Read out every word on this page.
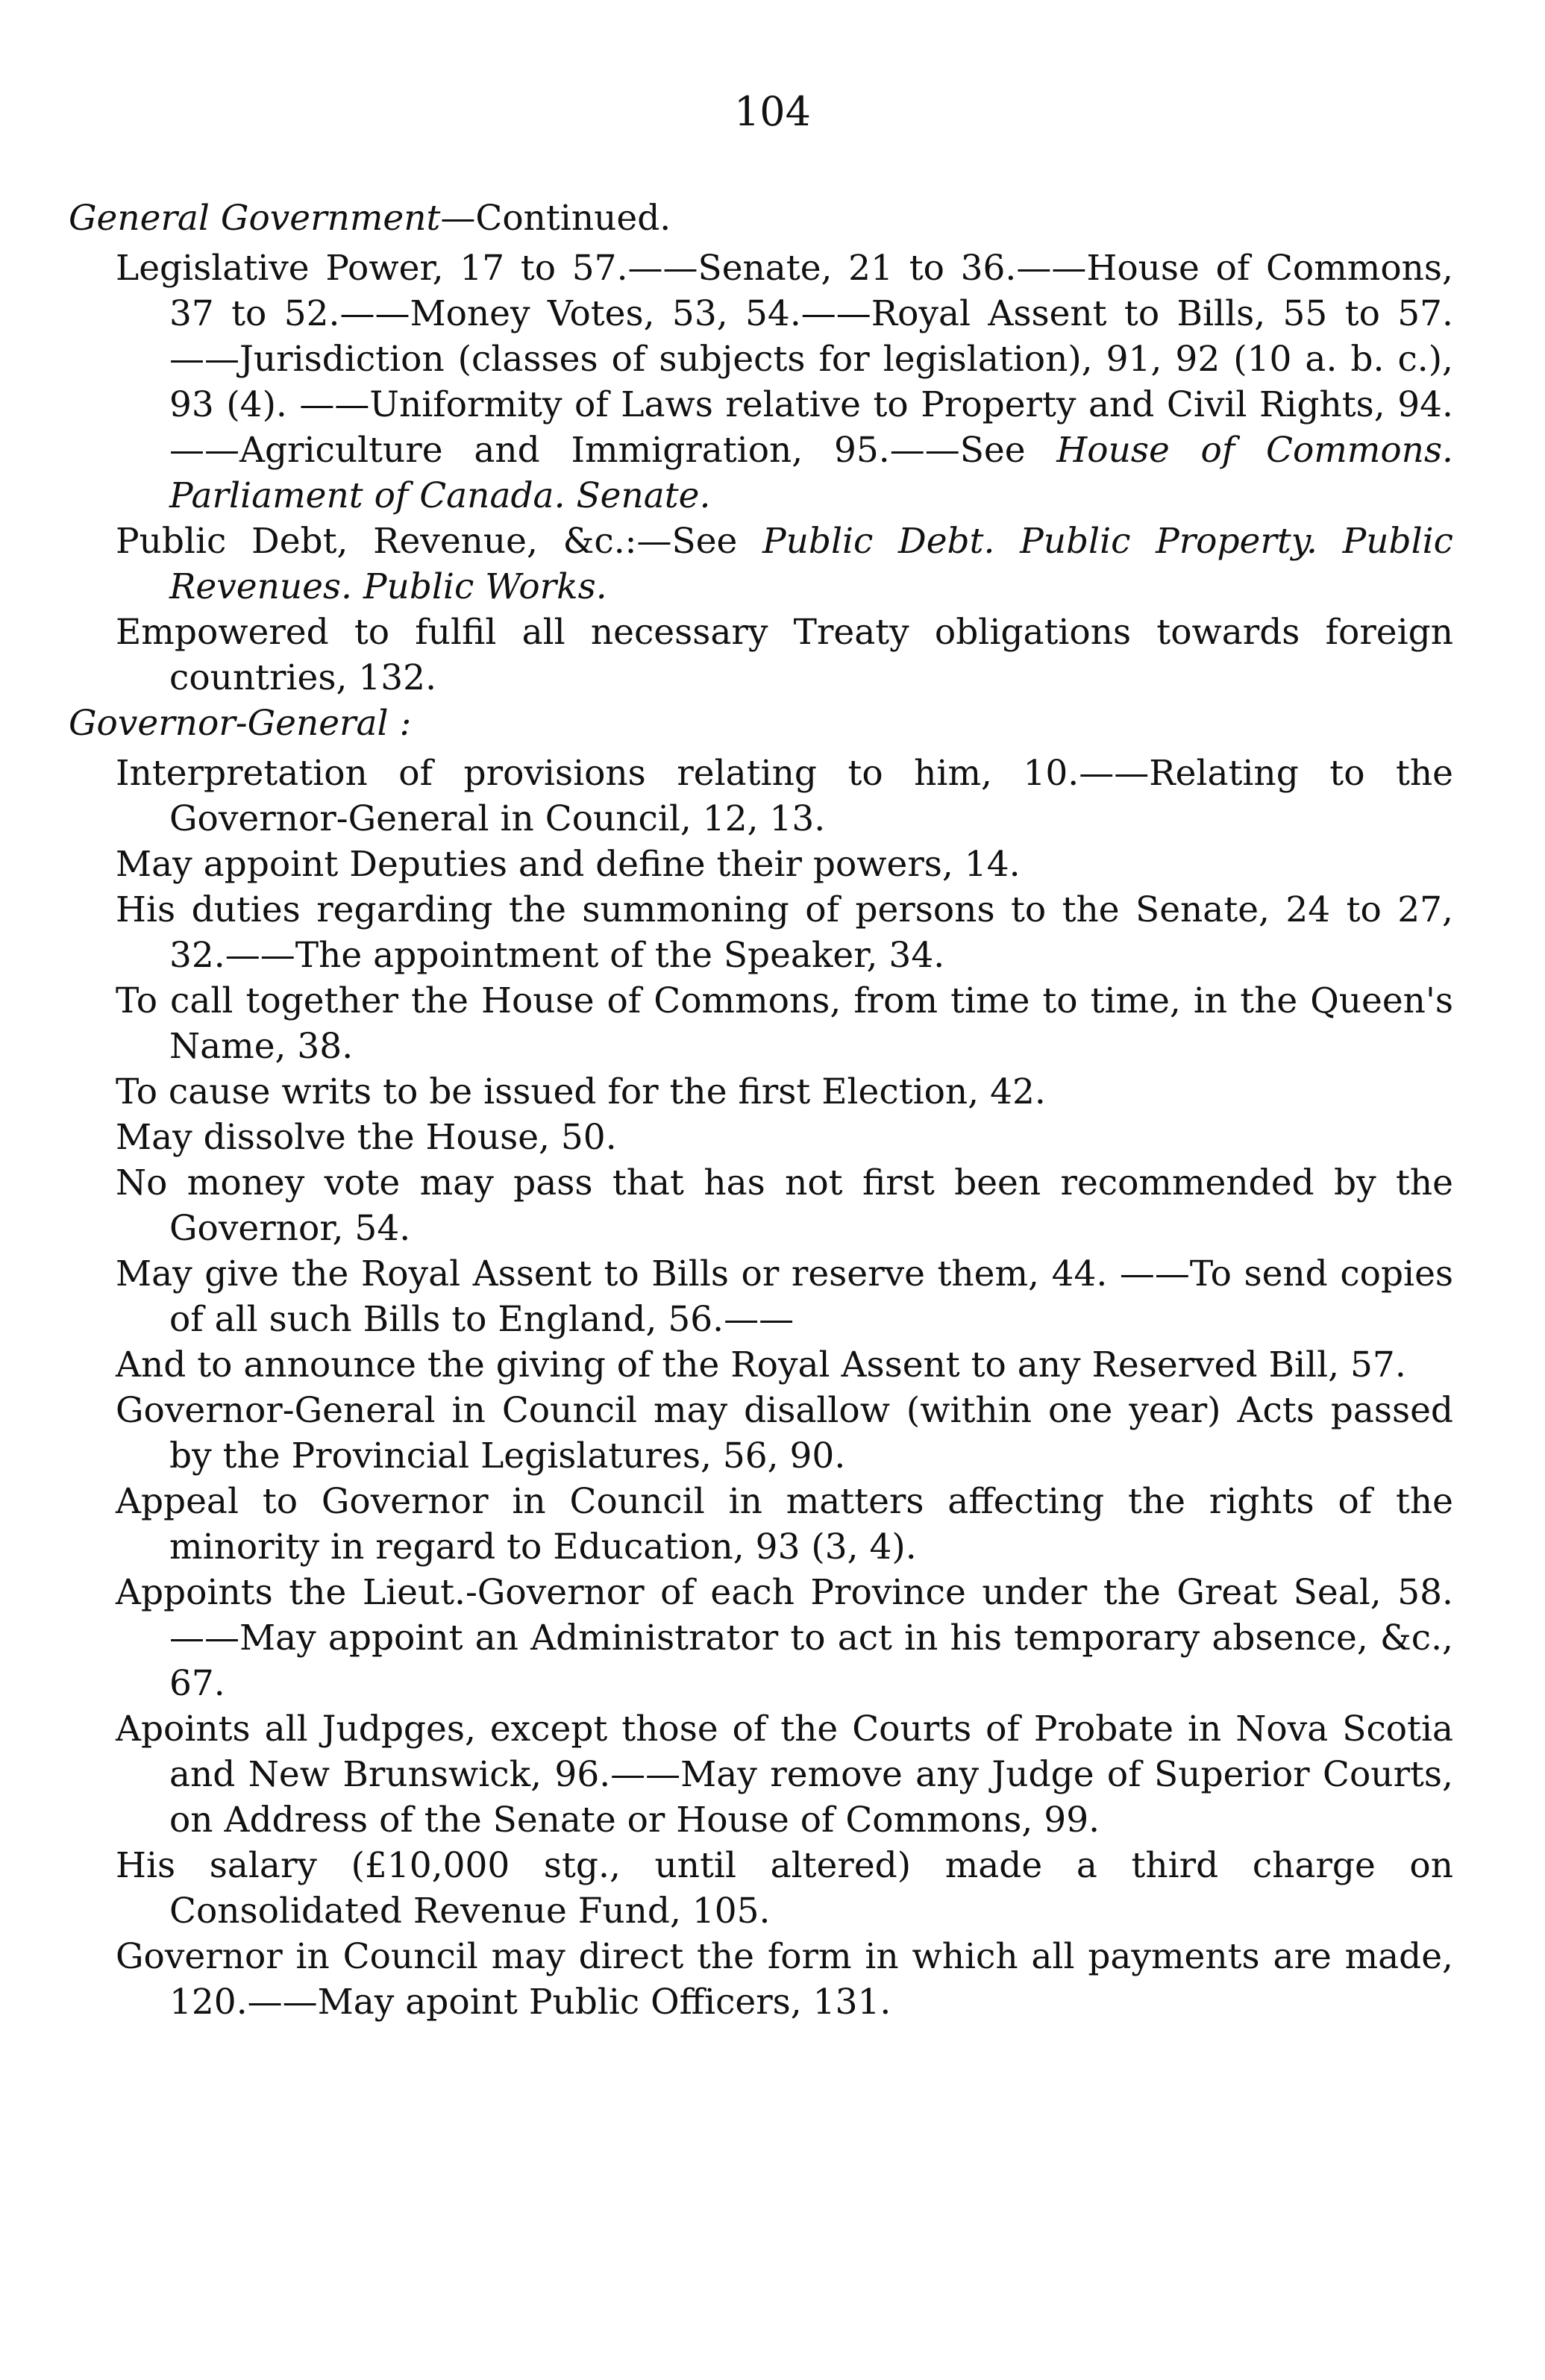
104
General Government—Continued.

Legislative Power, 17 to 57.——Senate, 21 to 36.——House of Commons, 37 to 52.——Money Votes, 53, 54.——Royal Assent to Bills, 55 to 57.——Jurisdiction (classes of subjects for legislation), 91, 92 (10 a. b. c.), 93 (4). ——Uniformity of Laws relative to Property and Civil Rights, 94.——Agriculture and Immigration, 95.——See House of Commons. Parliament of Canada. Senate.

Public Debt, Revenue, &c.:—See Public Debt. Public Property. Public Revenues. Public Works.

Empowered to fulfil all necessary Treaty obligations towards foreign countries, 132.

Governor-General :

Interpretation of provisions relating to him, 10.——Relating to the Governor-General in Council, 12, 13.

May appoint Deputies and define their powers, 14.

His duties regarding the summoning of persons to the Senate, 24 to 27, 32.——The appointment of the Speaker, 34.

To call together the House of Commons, from time to time, in the Queen's Name, 38.

To cause writs to be issued for the first Election, 42.

May dissolve the House, 50.

No money vote may pass that has not first been recommended by the Governor, 54.

May give the Royal Assent to Bills or reserve them, 44. ——To send copies of all such Bills to England, 56.——

And to announce the giving of the Royal Assent to any Reserved Bill, 57.

Governor-General in Council may disallow (within one year) Acts passed by the Provincial Legislatures, 56, 90.

Appeal to Governor in Council in matters affecting the rights of the minority in regard to Education, 93 (3, 4).

Appoints the Lieut.-Governor of each Province under the Great Seal, 58.——May appoint an Administrator to act in his temporary absence, &c., 67.

Apoints all Judpges, except those of the Courts of Probate in Nova Scotia and New Brunswick, 96.——May remove any Judge of Superior Courts, on Address of the Senate or House of Commons, 99.

His salary (£10,000 stg., until altered) made a third charge on Consolidated Revenue Fund, 105.

Governor in Council may direct the form in which all payments are made, 120.——May apoint Public Officers, 131.
